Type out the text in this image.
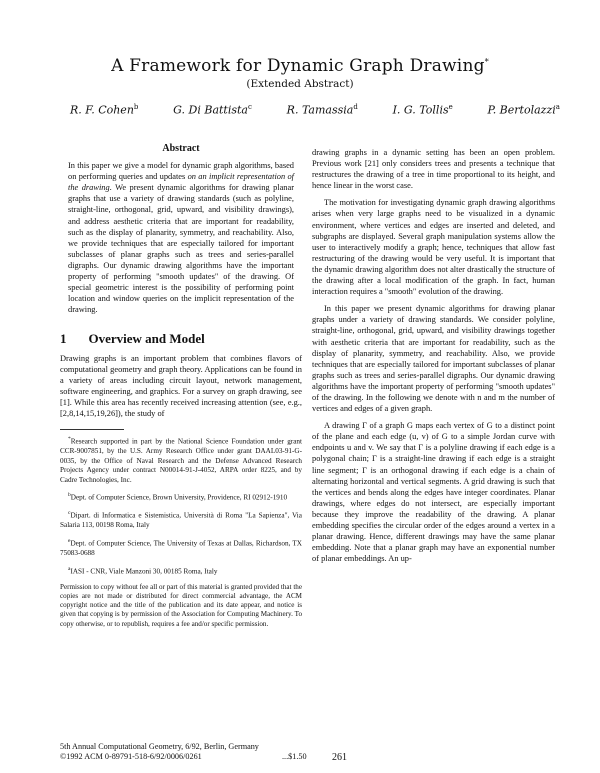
A Framework for Dynamic Graph Drawing*
(Extended Abstract)
R. F. Cohen$^b$	G. Di Battista$^c$	R. Tamassia$^d$	I. G. Tollis$^e$	P. Bertolazzi$^a$
Abstract
In this paper we give a model for dynamic graph algorithms, based on performing queries and updates on an implicit representation of the drawing. We present dynamic algorithms for drawing planar graphs that use a variety of drawing standards (such as polyline, straight-line, orthogonal, grid, upward, and visibility drawings), and address aesthetic criteria that are important for readability, such as the display of planarity, symmetry, and reachability. Also, we provide techniques that are especially tailored for important subclasses of planar graphs such as trees and series-parallel digraphs. Our dynamic drawing algorithms have the important property of performing "smooth updates" of the drawing. Of special geometric interest is the possibility of performing point location and window queries on the implicit representation of the drawing.
1 Overview and Model

Drawing graphs is an important problem that combines flavors of computational geometry and graph theory. Applications can be found in a variety of areas including circuit layout, network management, software engineering, and graphics. For a survey on graph drawing, see [1]. While this area has recently received increasing attention (see, e.g., [2,8,14,15,19,26]), the study of

*Research supported in part by the National Science Foundation under grant CCR-9007851, by the U.S. Army Research Office under grant DAAL03-91-G-0035, by the Office of Naval Research and the Defense Advanced Research Projects Agency under contract N00014-91-J-4052, ARPA order 8225, and by Cadre Technologies, Inc.
$^b$Dept. of Computer Science, Brown University, Providence, RI 02912-1910
$^c$Dipart. di Informatica e Sistemistica, Università di Roma "La Sapienza", Via Salaria 113, 00198 Roma, Italy
$^e$Dept. of Computer Science, The University of Texas at Dallas, Richardson, TX 75083-0688
$^a$IASI - CNR, Viale Manzoni 30, 00185 Roma, Italy
Permission to copy without fee all or part of this material is granted provided that the copies are not made or distributed for direct commercial advantage, the ACM copyright notice and the title of the publication and its date appear, and notice is given that copying is by permission of the Association for Computing Machinery. To copy otherwise, or to republish, requires a fee and/or specific permission.

drawing graphs in a dynamic setting has been an open problem. Previous work [21] only considers trees and presents a technique that restructures the drawing of a tree in time proportional to its height, and hence linear in the worst case.

The motivation for investigating dynamic graph drawing algorithms arises when very large graphs need to be visualized in a dynamic environment, where vertices and edges are inserted and deleted, and subgraphs are displayed. Several graph manipulation systems allow the user to interactively modify a graph; hence, techniques that allow fast restructuring of the drawing would be very useful. It is important that the dynamic drawing algorithm does not alter drastically the structure of the drawing after a local modification of the graph. In fact, human interaction requires a "smooth" evolution of the drawing.

In this paper we present dynamic algorithms for drawing planar graphs under a variety of drawing standards. We consider polyline, straight-line, orthogonal, grid, upward, and visibility drawings together with aesthetic criteria that are important for readability, such as the display of planarity, symmetry, and reachability. Also, we provide techniques that are especially tailored for important subclasses of planar graphs such as trees and series-parallel digraphs. Our dynamic drawing algorithms have the important property of performing "smooth updates" of the drawing. In the following we denote with n and m the number of vertices and edges of a given graph.

A drawing Γ of a graph G maps each vertex of G to a distinct point of the plane and each edge (u, v) of G to a simple Jordan curve with endpoints u and v. We say that Γ is a polyline drawing if each edge is a polygonal chain; Γ is a straight-line drawing if each edge is a straight line segment; Γ is an orthogonal drawing if each edge is a chain of alternating horizontal and vertical segments. A grid drawing is such that the vertices and bends along the edges have integer coordinates. Planar drawings, where edges do not intersect, are especially important because they improve the readability of the drawing. A planar embedding specifies the circular order of the edges around a vertex in a planar drawing. Hence, different drawings may have the same planar embedding. Note that a planar graph may have an exponential number of planar embeddings. An up-

5th Annual Computational Geometry, 6/92, Berlin, Germany
©1992 ACM 0-89791-518-6/92/0006/0261	...$1.50	261
